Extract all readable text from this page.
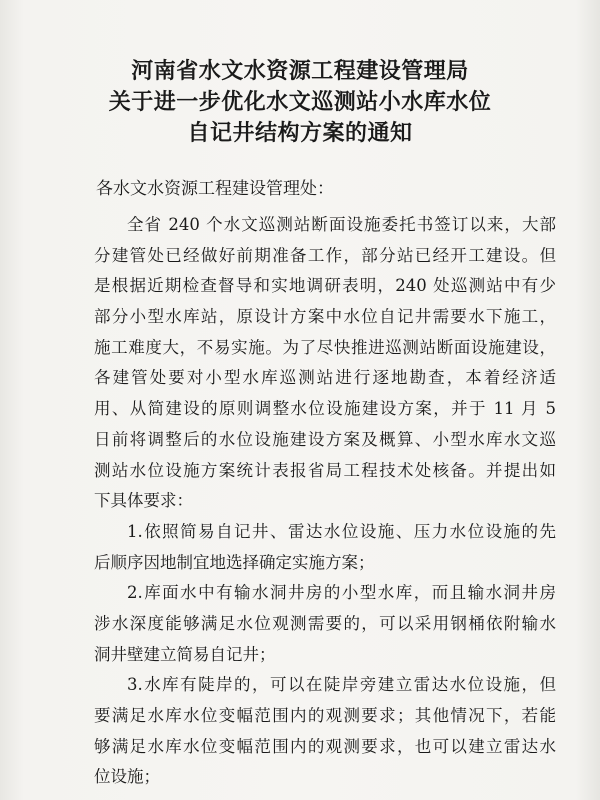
河南省水文水资源工程建设管理局
关于进一步优化水文巡测站小水库水位
自记井结构方案的通知
各水文水资源工程建设管理处：
全省 240 个水文巡测站断面设施委托书签订以来，大部
分建管处已经做好前期准备工作，部分站已经开工建设。但
是根据近期检查督导和实地调研表明，240 处巡测站中有少
部分小型水库站，原设计方案中水位自记井需要水下施工，
施工难度大，不易实施。为了尽快推进巡测站断面设施建设，
各建管处要对小型水库巡测站进行逐地勘查，本着经济适
用、从简建设的原则调整水位设施建设方案，并于 11 月 5
日前将调整后的水位设施建设方案及概算、小型水库水文巡
测站水位设施方案统计表报省局工程技术处核备。并提出如
下具体要求：
1.依照简易自记井、雷达水位设施、压力水位设施的先
后顺序因地制宜地选择确定实施方案；
2.库面水中有输水洞井房的小型水库，而且输水洞井房
涉水深度能够满足水位观测需要的，可以采用钢桶依附输水
洞井壁建立简易自记井；
3.水库有陡岸的，可以在陡岸旁建立雷达水位设施，但
要满足水库水位变幅范围内的观测要求；其他情况下，若能
够满足水库水位变幅范围内的观测要求，也可以建立雷达水
位设施；
